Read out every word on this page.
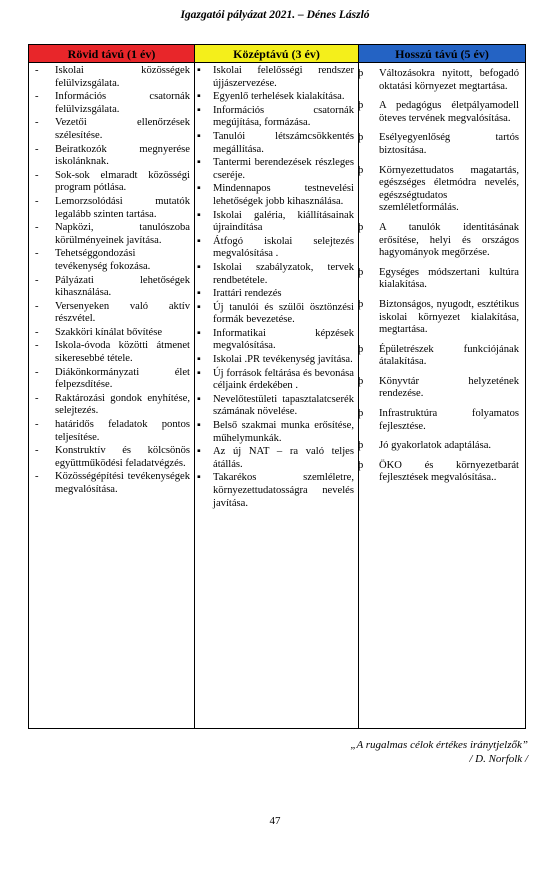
Igazgatói pályázat 2021. – Dénes László
Rövid távú (1 év)
- Iskolai közösségek felülvizsgálata.
- Információs csatornák felülvizsgálata.
- Vezetői ellenőrzések szélesítése.
- Beiratkozók megnyerése iskolánknak.
- Sok-sok elmaradt közösségi program pótlása.
- Lemorzsolódási mutatók legalább szinten tartása.
- Napközi, tanulószoba körülményeinek javítása.
- Tehetséggondozási tevékenység fokozása.
- Pályázati lehetőségek kihasználása.
- Versenyeken való aktív részvétel.
- Szakköri kínálat bővítése
- Iskola-óvoda közötti átmenet sikeresebbé tétele.
- Diákönkormányzati élet felpezsdítése.
- Raktározási gondok enyhítése, selejtezés.
- határidős feladatok pontos teljesítése.
- Konstruktív és kölcsönös együttműködési feladatvégzés.
- Közösségépítési tevékenységek megvalósítása.
Középtávú (3 év)
▪ Iskolai felelősségi rendszer újjászervezése.
▪ Egyenlő terhelések kialakítása.
▪ Információs csatornák megújítása, formázása.
▪ Tanulói létszámcsökkentés megállítása.
▪ Tantermi berendezések részleges cseréje.
▪ Mindennapos testnevelési lehetőségek jobb kihasználása.
▪ Iskolai galéria, kiállításainak újraindítása
▪ Átfogó iskolai selejtezés megvalósítása .
▪ Iskolai szabályzatok, tervek rendbetétele.
▪ Irattári rendezés
▪ Új tanulói és szülői ösztönzési formák bevezetése.
▪ Informatikai képzések megvalósítása.
▪ Iskolai .PR tevékenység javítása.
▪ Új források feltárása és bevonása céljaink érdekében .
▪ Nevelőtestületi tapasztalatcserék számának növelése.
▪ Belső szakmai munka erősítése, műhelymunkák.
▪ Az új NAT – ra való teljes átállás.
▪ Takarékos szemléletre, környezettudatosságra nevelés javítása.
Hosszú távú (5 év)
þ Változásokra nyitott, befogadó oktatási környezet megtartása.
þ A pedagógus életpályamodell öteves tervének megvalósítása.
þ Esélyegyenlőség tartós biztosítása.
þ Környezettudatos magatartás, egészséges életmódra nevelés, egészségtudatos szemléletformálás.
þ A tanulók identitásának erősítése, helyi és országos hagyományok megőrzése.
þ Egységes módszertani kultúra kialakítása.
þ Biztonságos, nyugodt, esztétikus iskolai környezet kialakítása, megtartása.
þ Épületrészek funkciójának átalakítása.
þ Könyvtár helyzetének rendezése.
þ Infrastruktúra folyamatos fejlesztése.
þ Jó gyakorlatok adaptálása.
þ ÖKO és környezetbarát fejlesztések megvalósítása..
„A rugalmas célok értékes iránytjelzők”
/ D. Norfolk /
47
